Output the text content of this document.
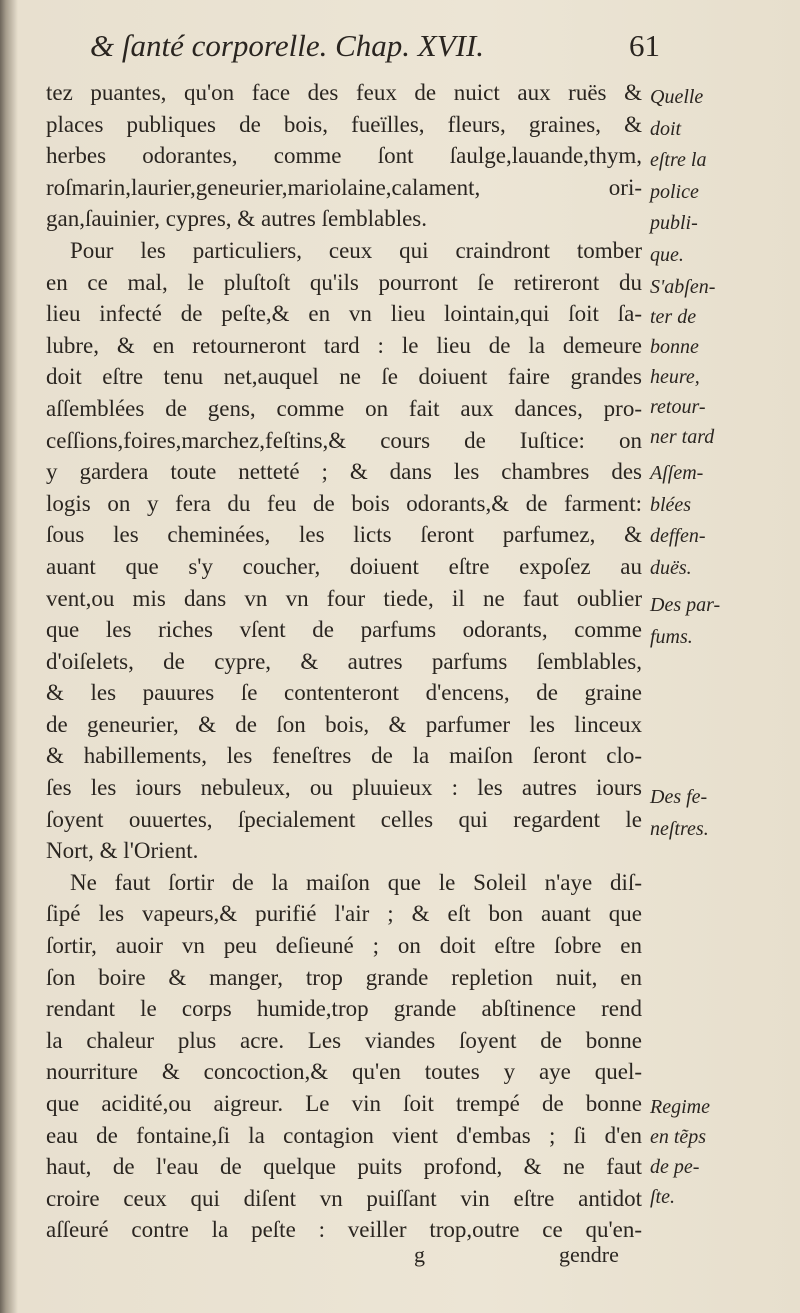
& ſanté corporelle. Chap. XVII.	61
tez puantes, qu'on face des feux de nuict aux ruës &
places publiques de bois, fueïlles, fleurs, graines, &
herbes odorantes, comme ſont ſaulge,lauande,thym,
roſmarin,laurier,geneurier,mariolaine,calament, ori-
gan,ſauinier, cypres, & autres ſemblables.
Pour les particuliers, ceux qui craindront tomber
en ce mal, le pluſtoſt qu'ils pourront ſe retireront du
lieu infecté de peſte,& en vn lieu lointain,qui ſoit ſa-
lubre, & en retourneront tard : le lieu de la demeure
doit eſtre tenu net,auquel ne ſe doiuent faire grandes
aſſemblées de gens, comme on fait aux dances, pro-
ceſſions,foires,marchez,feſtins,& cours de Iuſtice: on
y gardera toute netteté ; & dans les chambres des
logis on y fera du feu de bois odorants,& de farment:
ſous les cheminées, les licts ſeront parfumez, &
auant que s'y coucher, doiuent eſtre expoſez au
vent,ou mis dans vn vn four tiede, il ne faut oublier
que les riches vſent de parfums odorants, comme
d'oiſelets, de cypre, & autres parfums ſemblables,
& les pauures ſe contenteront d'encens, de graine
de geneurier, & de ſon bois, & parfumer les linceux
& habillements, les feneſtres de la maiſon ſeront clo-
ſes les iours nebuleux, ou pluuieux : les autres iours
ſoyent ouuertes, ſpecialement celles qui regardent le
Nort, & l'Orient.
Ne faut ſortir de la maiſon que le Soleil n'aye diſ-
ſipé les vapeurs,& purifié l'air ; & eſt bon auant que
ſortir, auoir vn peu deſieuné ; on doit eſtre ſobre en
ſon boire & manger, trop grande repletion nuit, en
rendant le corps humide,trop grande abſtinence rend
la chaleur plus acre. Les viandes ſoyent de bonne
nourriture & concoction,& qu'en toutes y aye quel-
que acidité,ou aigreur. Le vin ſoit trempé de bonne
eau de fontaine,ſi la contagion vient d'embas ; ſi d'en
haut, de l'eau de quelque puits profond, & ne faut
croire ceux qui diſent vn puiſſant vin eſtre antidot
aſſeuré contre la peſte : veiller trop,outre ce qu'en-
g	gendre
Quelle
doit
eſtre la
police
publi-
que.
S'abſen-
ter de
bonne
heure,
retour-
ner tard
Aſſem-
blées
deffen-
duës.
Des par-
fums.
Des fe-
neſtres.
Regime
en tẽps
de pe-
ſte.
